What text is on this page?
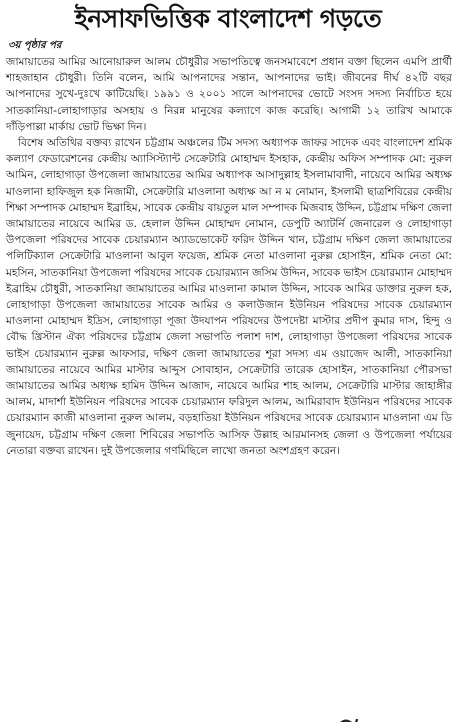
ইনসাফভিত্তিক বাংলাদেশ গড়তে
৩য় পৃষ্ঠার পর

জামায়াতের আমির আনোয়ারুল আলম চৌধুরীর সভাপতিত্বে জনসমাবেশে প্রধান বক্তা ছিলেন এমপি প্রার্থী শাহজাহান চৌধুরী। তিনি বলেন, আমি আপনাদের সন্তান, আপনাদের ভাই। জীবনের দীর্ঘ ৪২টি বছর আপনাদের সুখে-দুঃখে কাটিয়েছি। ১৯৯১ ও ২০০১ সালে আপনাদের ভোটে সংসদ সদস্য নির্বাচিত হয়ে সাতকানিয়া-লোহাগাড়ার অসহায় ও নিরন্ন মানুষের কল্যাণে কাজ করেছি। আগামী ১২ তারিখ আমাকে দাঁড়িপাল্লা মার্কায় ভোট ভিক্ষা দিন।

বিশেষ অতিথির বক্তব্য রাখেন চট্টগ্রাম অঞ্চলের টিম সদস্য অধ্যাপক জাফর সাদেক এবং বাংলাদেশ শ্রমিক কল্যাণ ফেডারেশনের কেন্দ্রীয় অ্যাসিস্ট্যান্ট সেক্রেটারি মোহাম্মদ ইসহাক, কেন্দ্রীয় অফিস সম্পাদক মো: নুরুল আমিন, লোহাগাড়া উপজেলা জামায়াতের আমির অধ্যাপক আসাদুল্লাহ ইসলামাবাদী, নায়েবে আমির অধ্যক্ষ মাওলানা হাফিজুল হক নিজামী, সেক্রেটারি মাওলানা অধ্যক্ষ আ ন ম নোমান, ইসলামী ছাত্রশিবিরের কেন্দ্রীয় শিক্ষা সম্পাদক মোহাম্মদ ইব্রাহিম, সাবেক কেন্দ্রীয় বায়তুল মাল সম্পাদক মিজবাহ উদ্দিন, চট্টগ্রাম দক্ষিণ জেলা জামায়াতের নায়েবে আমির ড. হেলাল উদ্দিন মোহাম্মদ নোমান, ডেপুটি অ্যাটর্নি জেনারেল ও লোহাগাড়া উপজেলা পরিষদের সাবেক চেয়ারম্যান অ্যাডভোকেট ফরিদ উদ্দিন খান, চট্টগ্রাম দক্ষিণ জেলা জামায়াতের পলিটিক্যাল সেক্রেটারি মাওলানা আবুল ফয়েজ, শ্রমিক নেতা মাওলানা নুরুল্ল হোসাইন, শ্রমিক নেতা মো: মহসিন, সাতকানিয়া উপজেলা পরিষদের সাবেক চেয়ারম্যান জসিম উদ্দিন, সাবেক ভাইস চেয়ারম্যান মোহাম্মদ ইব্রাহিম চৌধুরী, সাতকানিয়া জামায়াতের আমির মাওলানা কামাল উদ্দিন, সাবেক আমির ডাক্তার নুরুল হক, লোহাগাড়া উপজেলা জামায়াতের সাবেক আমির ও কলাউজান ইউনিয়ন পরিষদের সাবেক চেয়ারম্যান মাওলানা মোহাম্মদ ইদ্রিস, লোহাগাড়া পূজা উদযাপন পরিষদের উপদেষ্টা মাস্টার প্রদীপ কুমার দাস, হিন্দু ও বৌদ্ধ খ্রিস্টান ঐক্য পরিষদের চট্টগ্রাম জেলা সভাপতি পলাশ দাশ, লোহাগাড়া উপজেলা পরিষদের সাবেক ভাইস চেয়ারম্যান নুরুল্ল আফসার, দক্ষিণ জেলা জামায়াতের শূরা সদস্য এম ওয়াজেদ আলী, সাতকানিয়া জামায়াতের নায়েবে আমির মাস্টার আব্দুস সোবাহান, সেক্রেটারি তারেক হোসাইন, সাতকানিয়া পৌরসভা জামায়াতের আমির অধ্যক্ষ হামিদ উদ্দিন আজাদ, নায়েবে আমির শাহ আলম, সেক্রেটারি মাস্টার জাহাঙ্গীর আলম, মাদার্শা ইউনিয়ন পরিষদের সাবেক চেয়ারম্যান ফরিদুল আলম, আমিরাবাদ ইউনিয়ন পরিষদের সাবেক চেয়ারম্যান কাজী মাওলানা নুরুল আলম, বড়হাতিয়া ইউনিয়ন পরিষদের সাবেক চেয়ারম্যান মাওলানা এম ডি জুনায়েদ, চট্টগ্রাম দক্ষিণ জেলা শিবিরের সভাপতি আসিফ উল্লাহ আরমানসহ জেলা ও উপজেলা পর্যায়ের নেতারা বক্তব্য রাখেন। দুই উপজেলার গণমিছিলে লাখো জনতা অংশগ্রহণ করেন।
